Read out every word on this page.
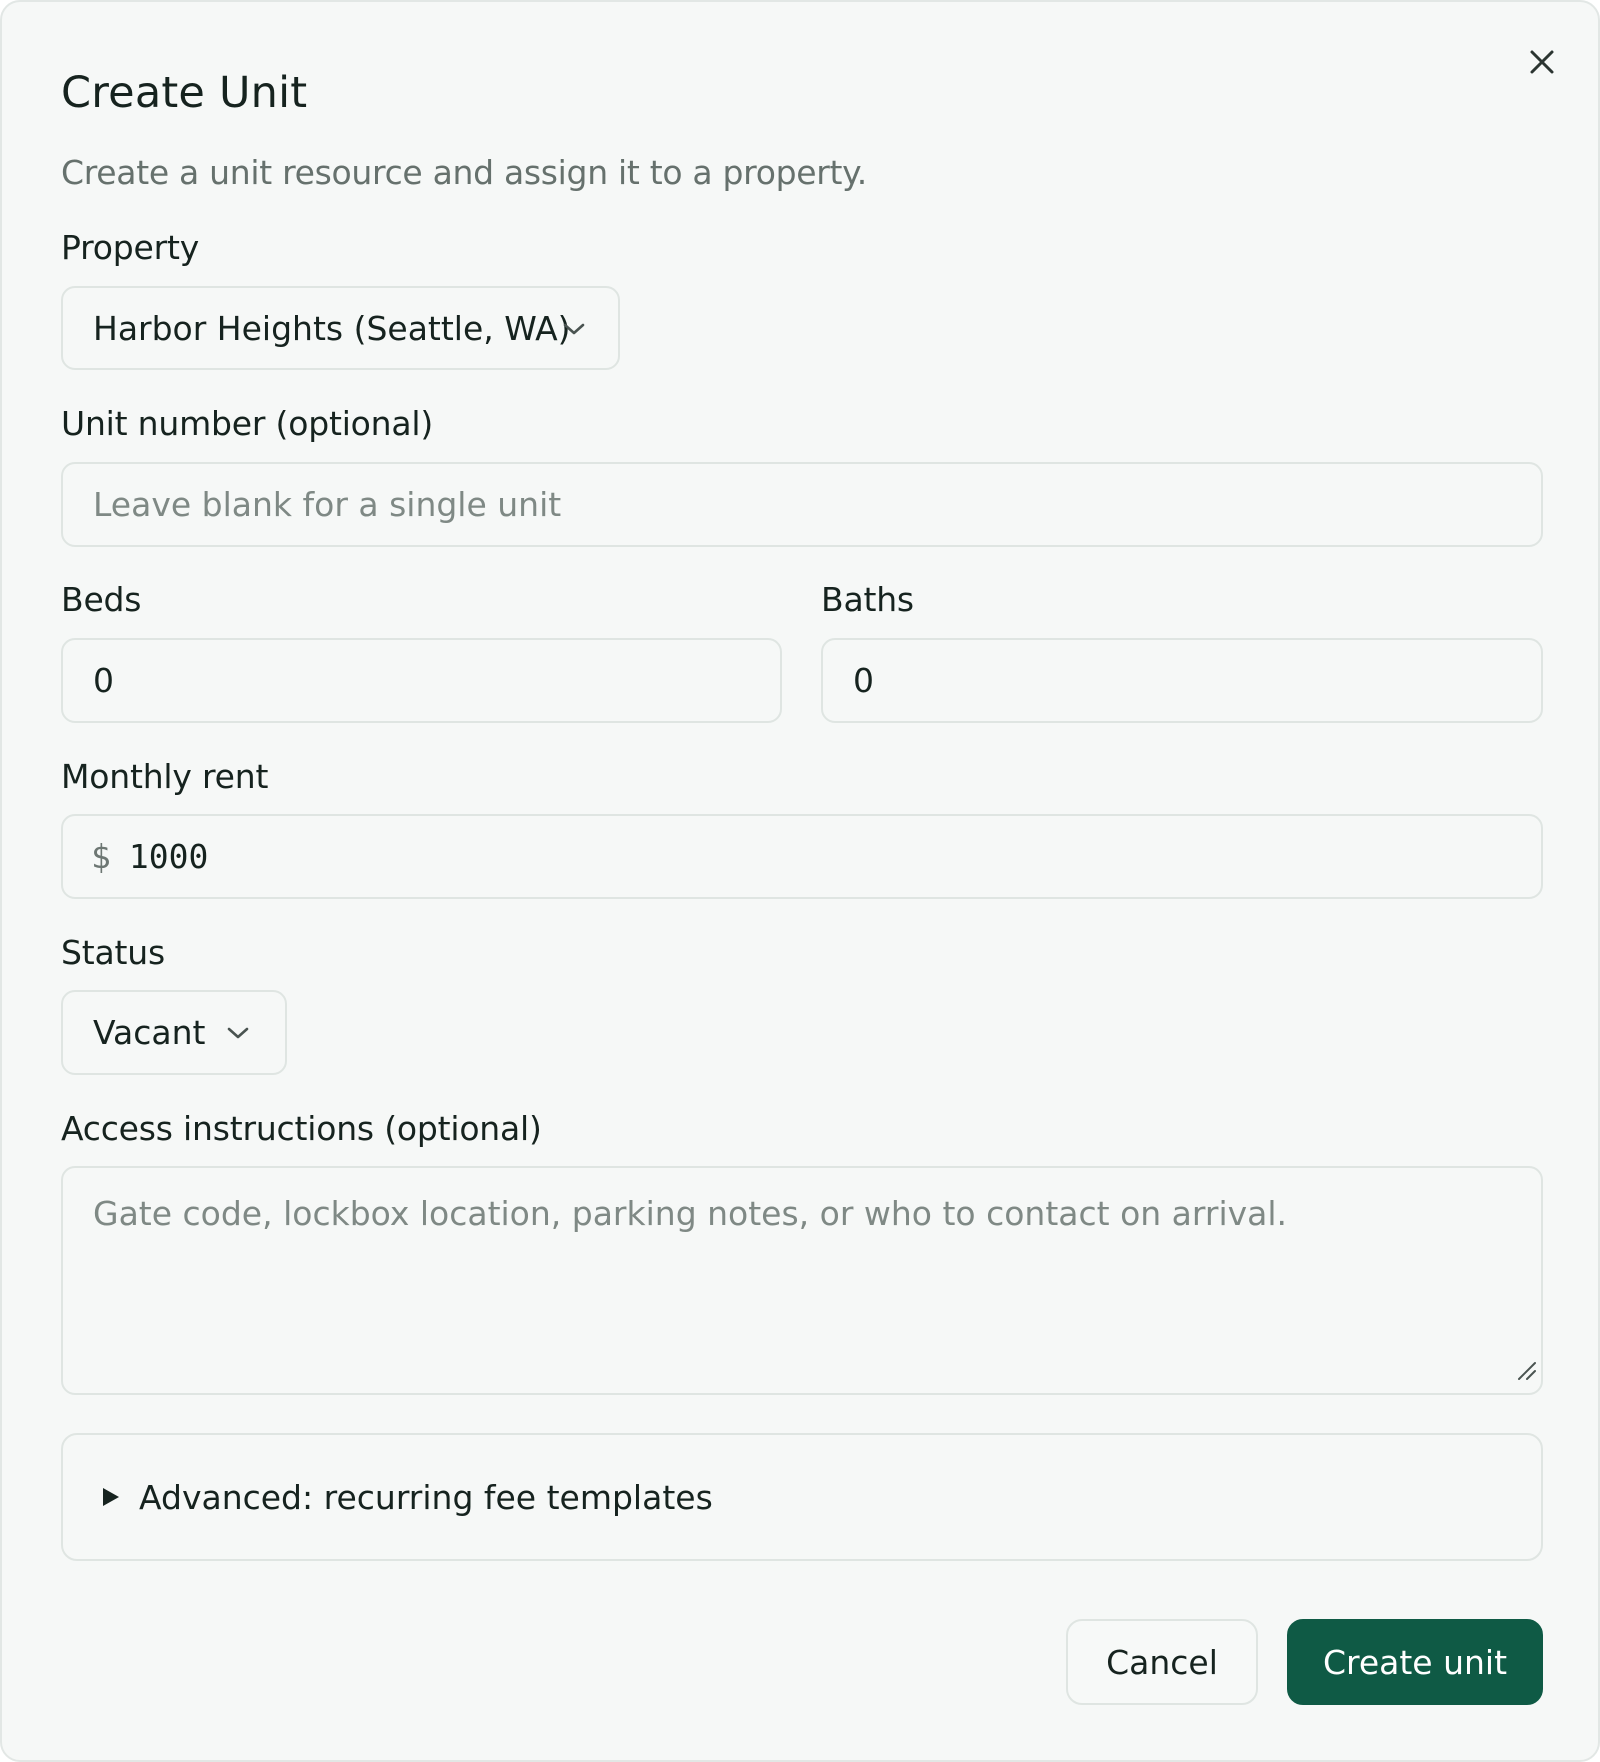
Create Unit
Create a unit resource and assign it to a property.
Property
Harbor Heights (Seattle, WA)
Unit number (optional)
Leave blank for a single unit
Beds
0
Baths
0
Monthly rent
$ 1000
Status
Vacant
Access instructions (optional)
Gate code, lockbox location, parking notes, or who to contact on arrival.
Advanced: recurring fee templates
Cancel	Create unit
